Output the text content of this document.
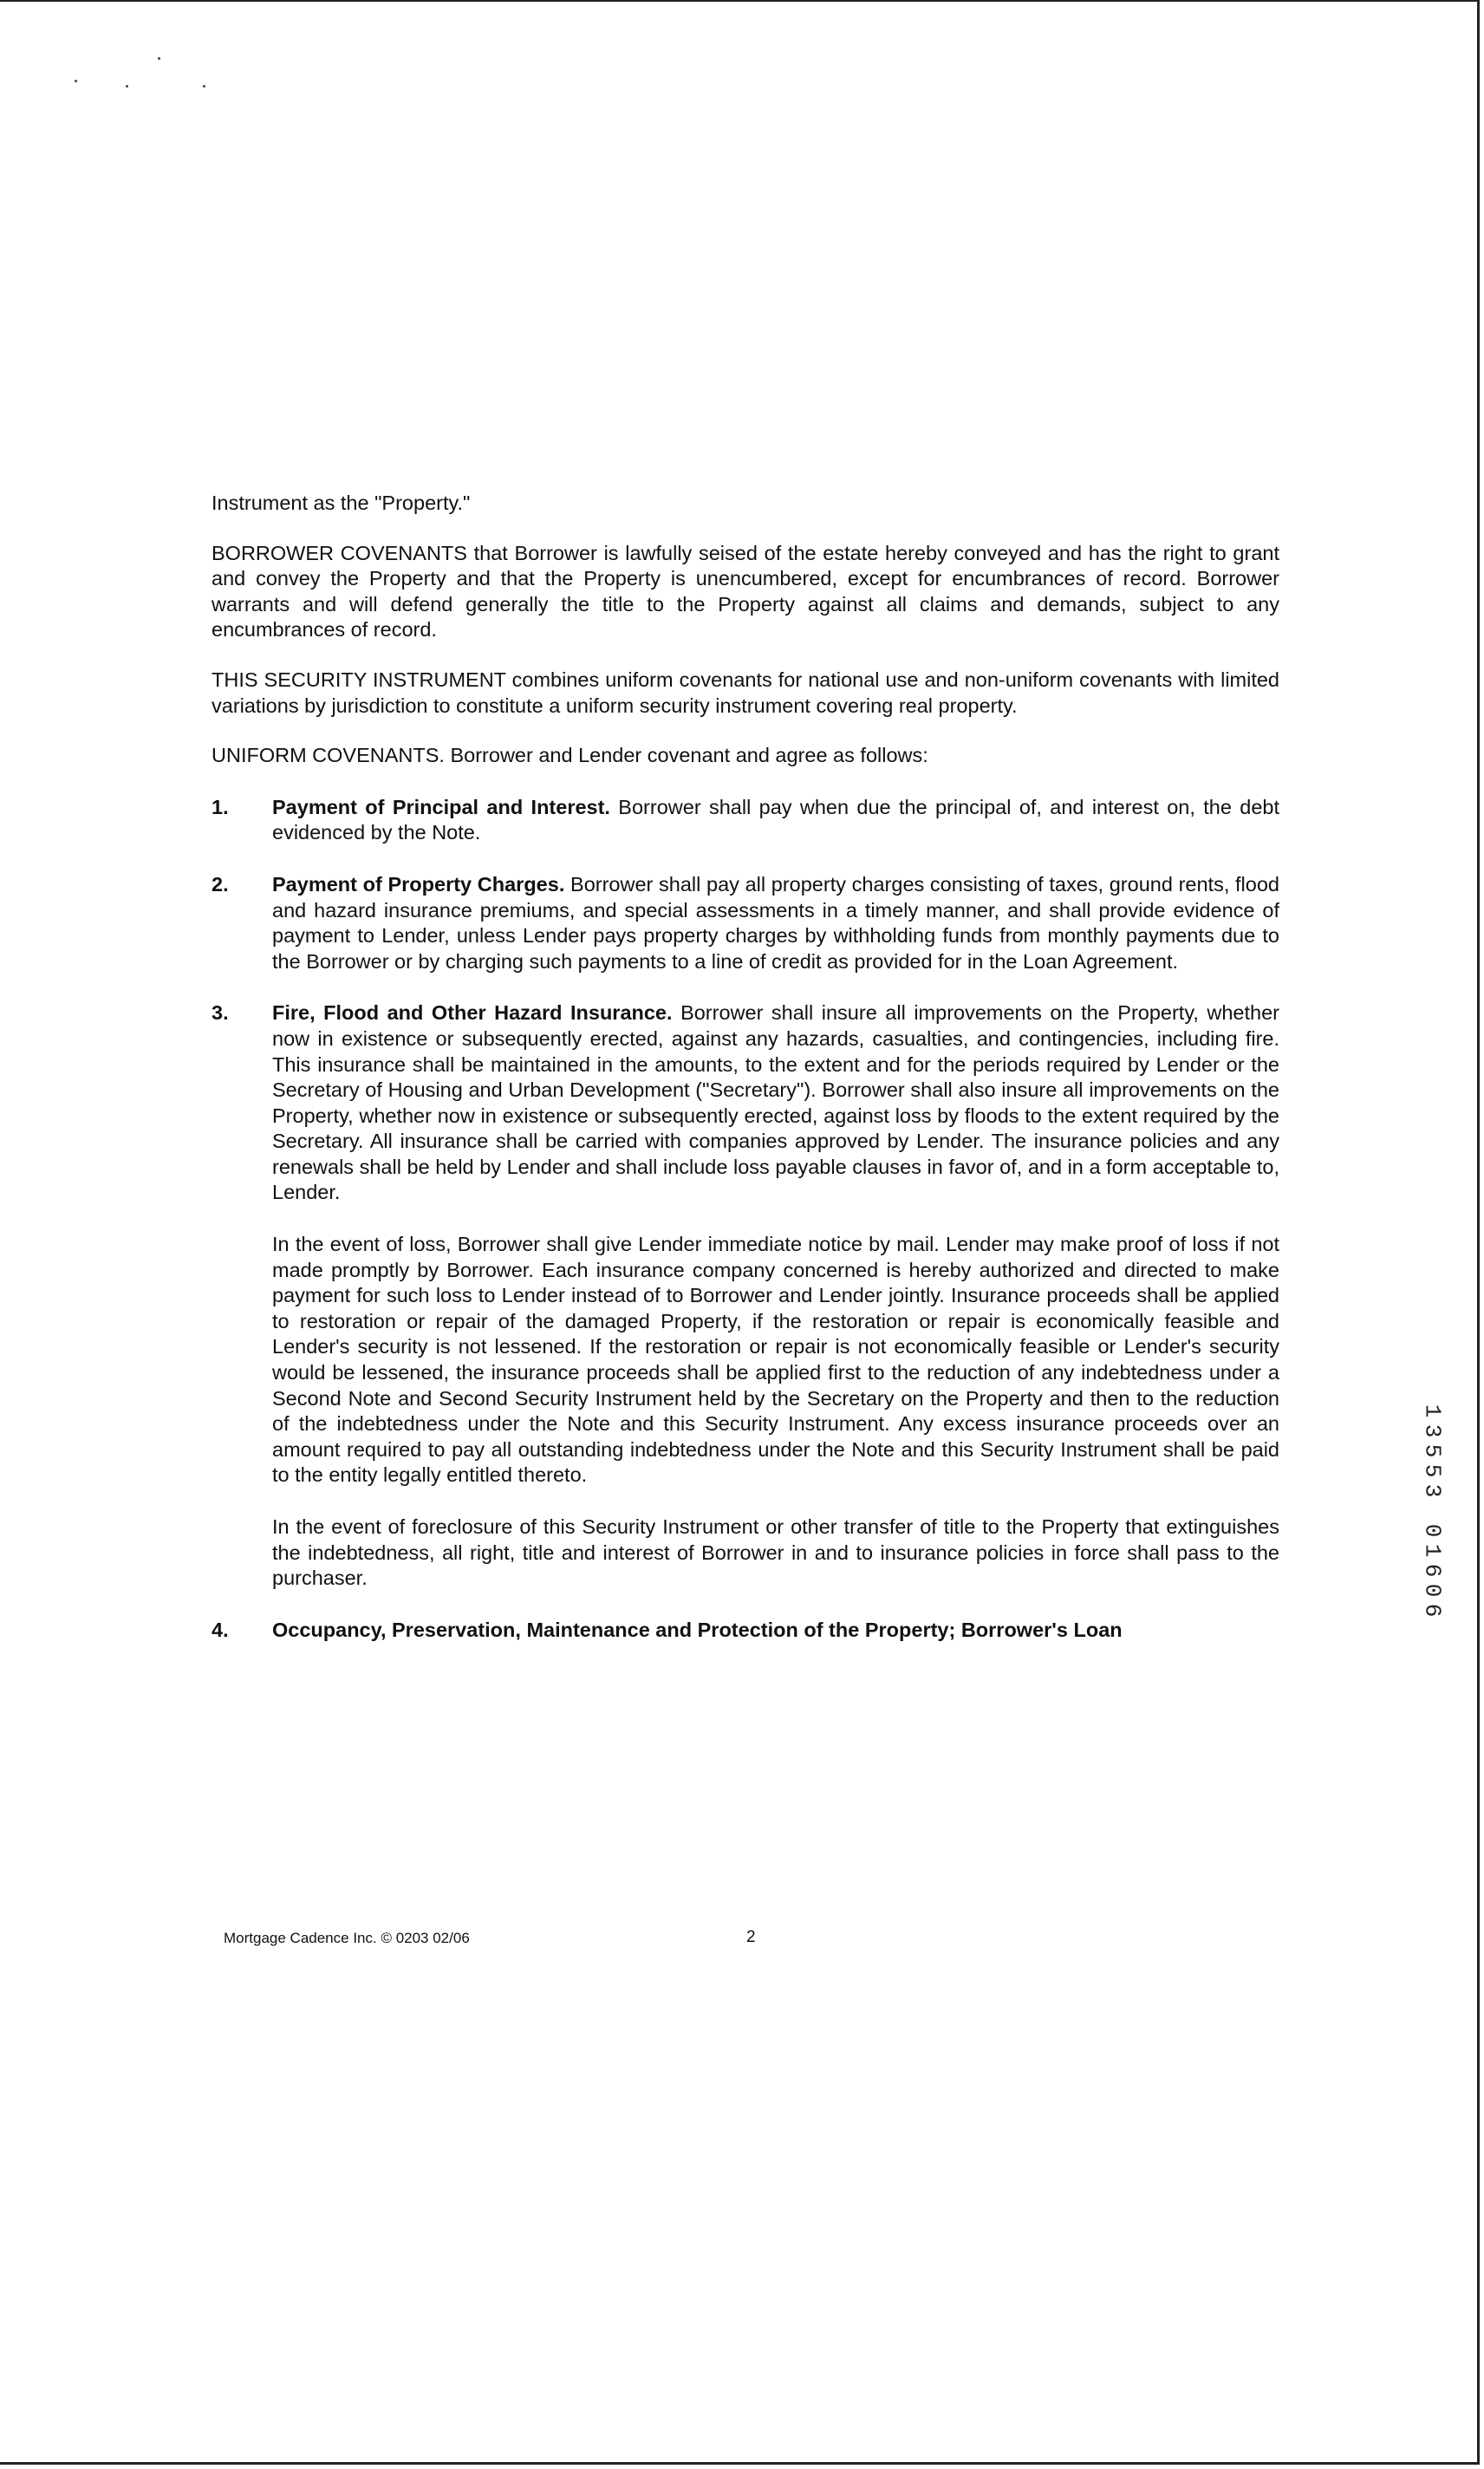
Instrument as the "Property."

BORROWER COVENANTS that Borrower is lawfully seised of the estate hereby conveyed and has the right to grant and convey the Property and that the Property is unencumbered, except for encumbrances of record. Borrower warrants and will defend generally the title to the Property against all claims and demands, subject to any encumbrances of record.

THIS SECURITY INSTRUMENT combines uniform covenants for national use and non-uniform covenants with limited variations by jurisdiction to constitute a uniform security instrument covering real property.

UNIFORM COVENANTS. Borrower and Lender covenant and agree as follows:

1.	Payment of Principal and Interest. Borrower shall pay when due the principal of, and interest on, the debt evidenced by the Note.

2.	Payment of Property Charges. Borrower shall pay all property charges consisting of taxes, ground rents, flood and hazard insurance premiums, and special assessments in a timely manner, and shall provide evidence of payment to Lender, unless Lender pays property charges by withholding funds from monthly payments due to the Borrower or by charging such payments to a line of credit as provided for in the Loan Agreement.

3.	Fire, Flood and Other Hazard Insurance. Borrower shall insure all improvements on the Property, whether now in existence or subsequently erected, against any hazards, casualties, and contingencies, including fire. This insurance shall be maintained in the amounts, to the extent and for the periods required by Lender or the Secretary of Housing and Urban Development ("Secretary"). Borrower shall also insure all improvements on the Property, whether now in existence or subsequently erected, against loss by floods to the extent required by the Secretary. All insurance shall be carried with companies approved by Lender. The insurance policies and any renewals shall be held by Lender and shall include loss payable clauses in favor of, and in a form acceptable to, Lender.

In the event of loss, Borrower shall give Lender immediate notice by mail. Lender may make proof of loss if not made promptly by Borrower. Each insurance company concerned is hereby authorized and directed to make payment for such loss to Lender instead of to Borrower and Lender jointly. Insurance proceeds shall be applied to restoration or repair of the damaged Property, if the restoration or repair is economically feasible and Lender's security is not lessened. If the restoration or repair is not economically feasible or Lender's security would be lessened, the insurance proceeds shall be applied first to the reduction of any indebtedness under a Second Note and Second Security Instrument held by the Secretary on the Property and then to the reduction of the indebtedness under the Note and this Security Instrument. Any excess insurance proceeds over an amount required to pay all outstanding indebtedness under the Note and this Security Instrument shall be paid to the entity legally entitled thereto.

In the event of foreclosure of this Security Instrument or other transfer of title to the Property that extinguishes the indebtedness, all right, title and interest of Borrower in and to insurance policies in force shall pass to the purchaser.

4.	Occupancy, Preservation, Maintenance and Protection of the Property; Borrower's Loan

Mortgage Cadence Inc. © 0203 02/06	2
1
3
5
5
3

0
1
6
0
6
